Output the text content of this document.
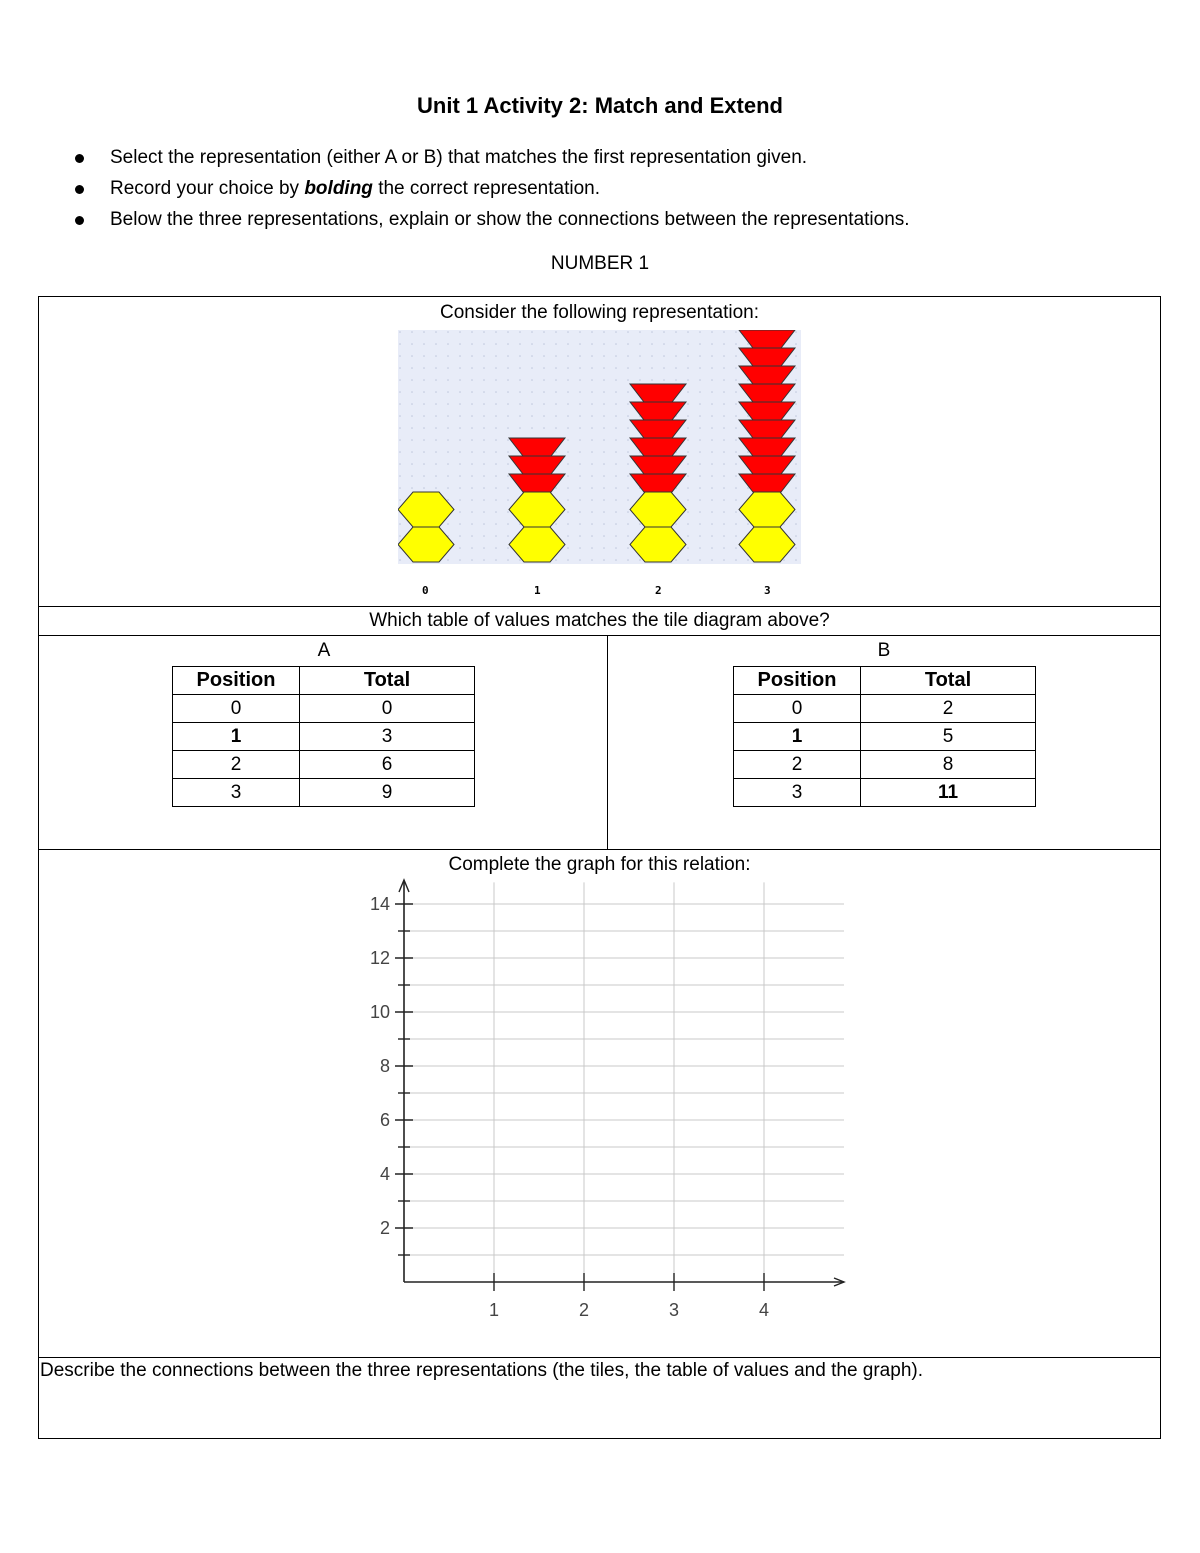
Unit 1 Activity 2: Match and Extend
Select the representation (either A or B) that matches the first representation given.
Record your choice by bolding the correct representation.
Below the three representations, explain or show the connections between the representations.
NUMBER 1
Consider the following representation:
0	1	2	3
Which table of values matches the tile diagram above?
A	B
Position	Total
0	0
1	3
2	6
3	9
Position	Total
0	2
1	5
2	8
3	11
Complete the graph for this relation:
14
12
10
8
6
4
2
1	2	3	4
Describe the connections between the three representations (the tiles, the table of values and the graph).
